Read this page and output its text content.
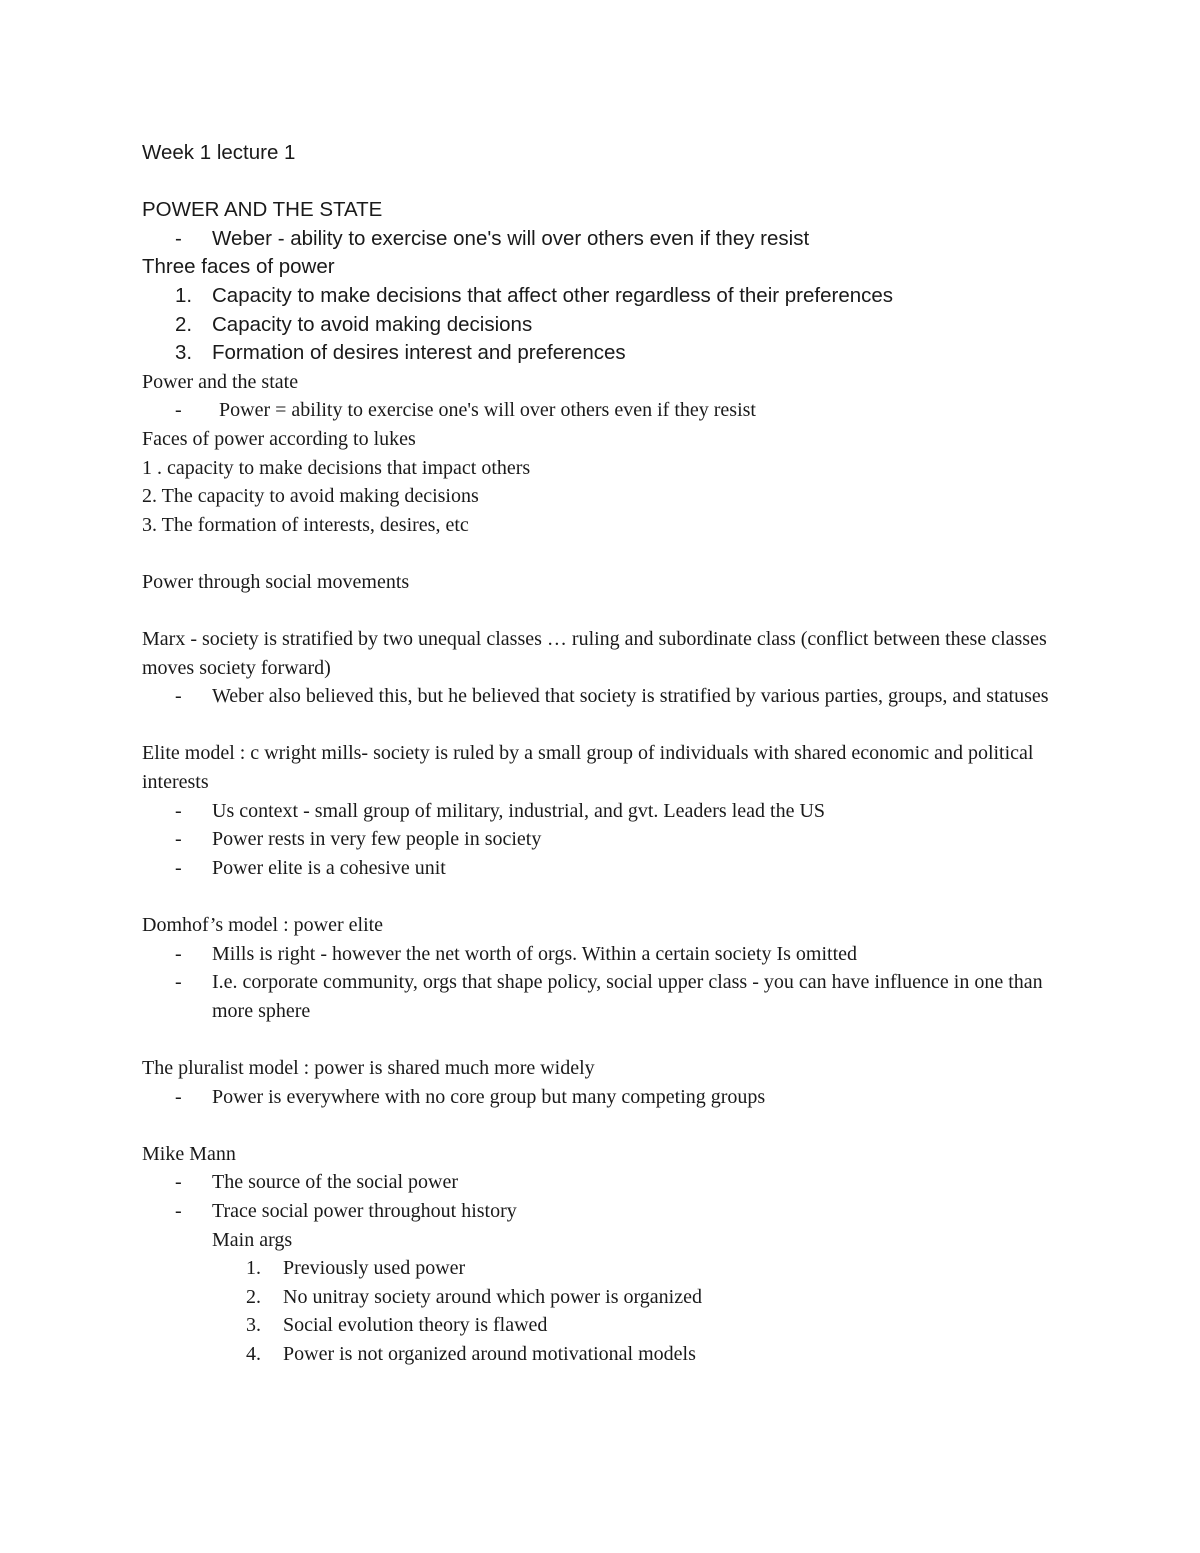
Week 1 lecture 1
POWER AND THE STATE
- Weber - ability to exercise one's will over others even if they resist
Three faces of power
1. Capacity to make decisions that affect other regardless of their preferences
2. Capacity to avoid making decisions
3. Formation of desires interest and preferences
Power and the state
- Power = ability to exercise one's will over others even if they resist
Faces of power according to lukes
1 . capacity to make decisions that impact others
2. The capacity to avoid making decisions
3. The formation of interests, desires, etc
Power through social movements
Marx - society is stratified by two unequal classes … ruling and subordinate class (conflict between these classes moves society forward)
- Weber also believed this, but he believed that society is stratified by various parties, groups, and statuses
Elite model : c wright mills- society is ruled by a small group of individuals with shared economic and political interests
- Us context - small group of military, industrial, and gvt. Leaders lead the US
- Power rests in very few people in society
- Power elite is a cohesive unit
Domhof’s model : power elite
- Mills is right - however the net worth of orgs. Within a certain society Is omitted
- I.e. corporate community, orgs that shape policy, social upper class - you can have influence in one than more sphere
The pluralist model : power is shared much more widely
- Power is everywhere with no core group but many competing groups
Mike Mann
- The source of the social power
- Trace social power throughout history
Main args
1. Previously used power
2. No unitray society around which power is organized
3. Social evolution theory is flawed
4. Power is not organized around motivational models
